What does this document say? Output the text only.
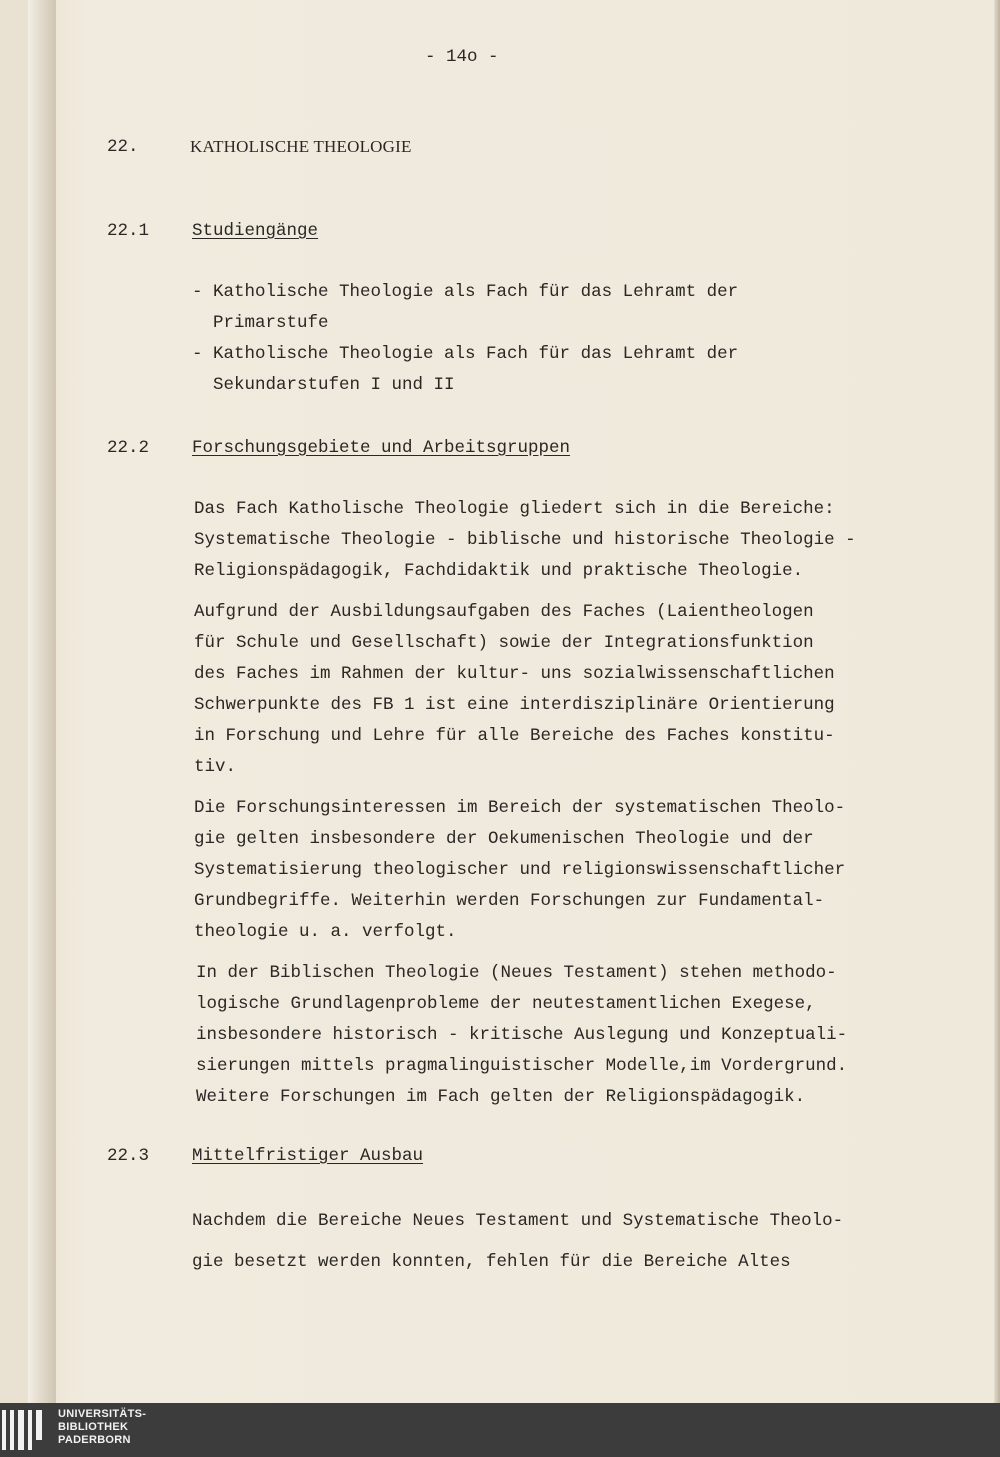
- 14o -
22.	KATHOLISCHE THEOLOGIE
22.1 Studiengänge
- Katholische Theologie als Fach für das Lehramt der
Primarstufe
- Katholische Theologie als Fach für das Lehramt der
Sekundarstufen I und II
22.2 Forschungsgebiete und Arbeitsgruppen
Das Fach Katholische Theologie gliedert sich in die Bereiche:
Systematische Theologie - biblische und historische Theologie -
Religionspädagogik, Fachdidaktik und praktische Theologie.
Aufgrund der Ausbildungsaufgaben des Faches (Laientheologen
für Schule und Gesellschaft) sowie der Integrationsfunktion
des Faches im Rahmen der kultur- uns sozialwissenschaftlichen
Schwerpunkte des FB 1 ist eine interdisziplinäre Orientierung
in Forschung und Lehre für alle Bereiche des Faches konstitu-
tiv.
Die Forschungsinteressen im Bereich der systematischen Theolo-
gie gelten insbesondere der Oekumenischen Theologie und der
Systematisierung theologischer und religionswissenschaftlicher
Grundbegriffe. Weiterhin werden Forschungen zur Fundamental-
theologie u. a. verfolgt.
In der Biblischen Theologie (Neues Testament) stehen methodo-
logische Grundlagenprobleme der neutestamentlichen Exegese,
insbesondere historisch - kritische Auslegung und Konzeptuali-
sierungen mittels pragmalinguistischer Modelle,im Vordergrund.
Weitere Forschungen im Fach gelten der Religionspädagogik.
22.3 Mittelfristiger Ausbau
Nachdem die Bereiche Neues Testament und Systematische Theolo-
gie besetzt werden konnten, fehlen für die Bereiche Altes
UNIVERSITÄTS-
BIBLIOTHEK
PADERBORN
